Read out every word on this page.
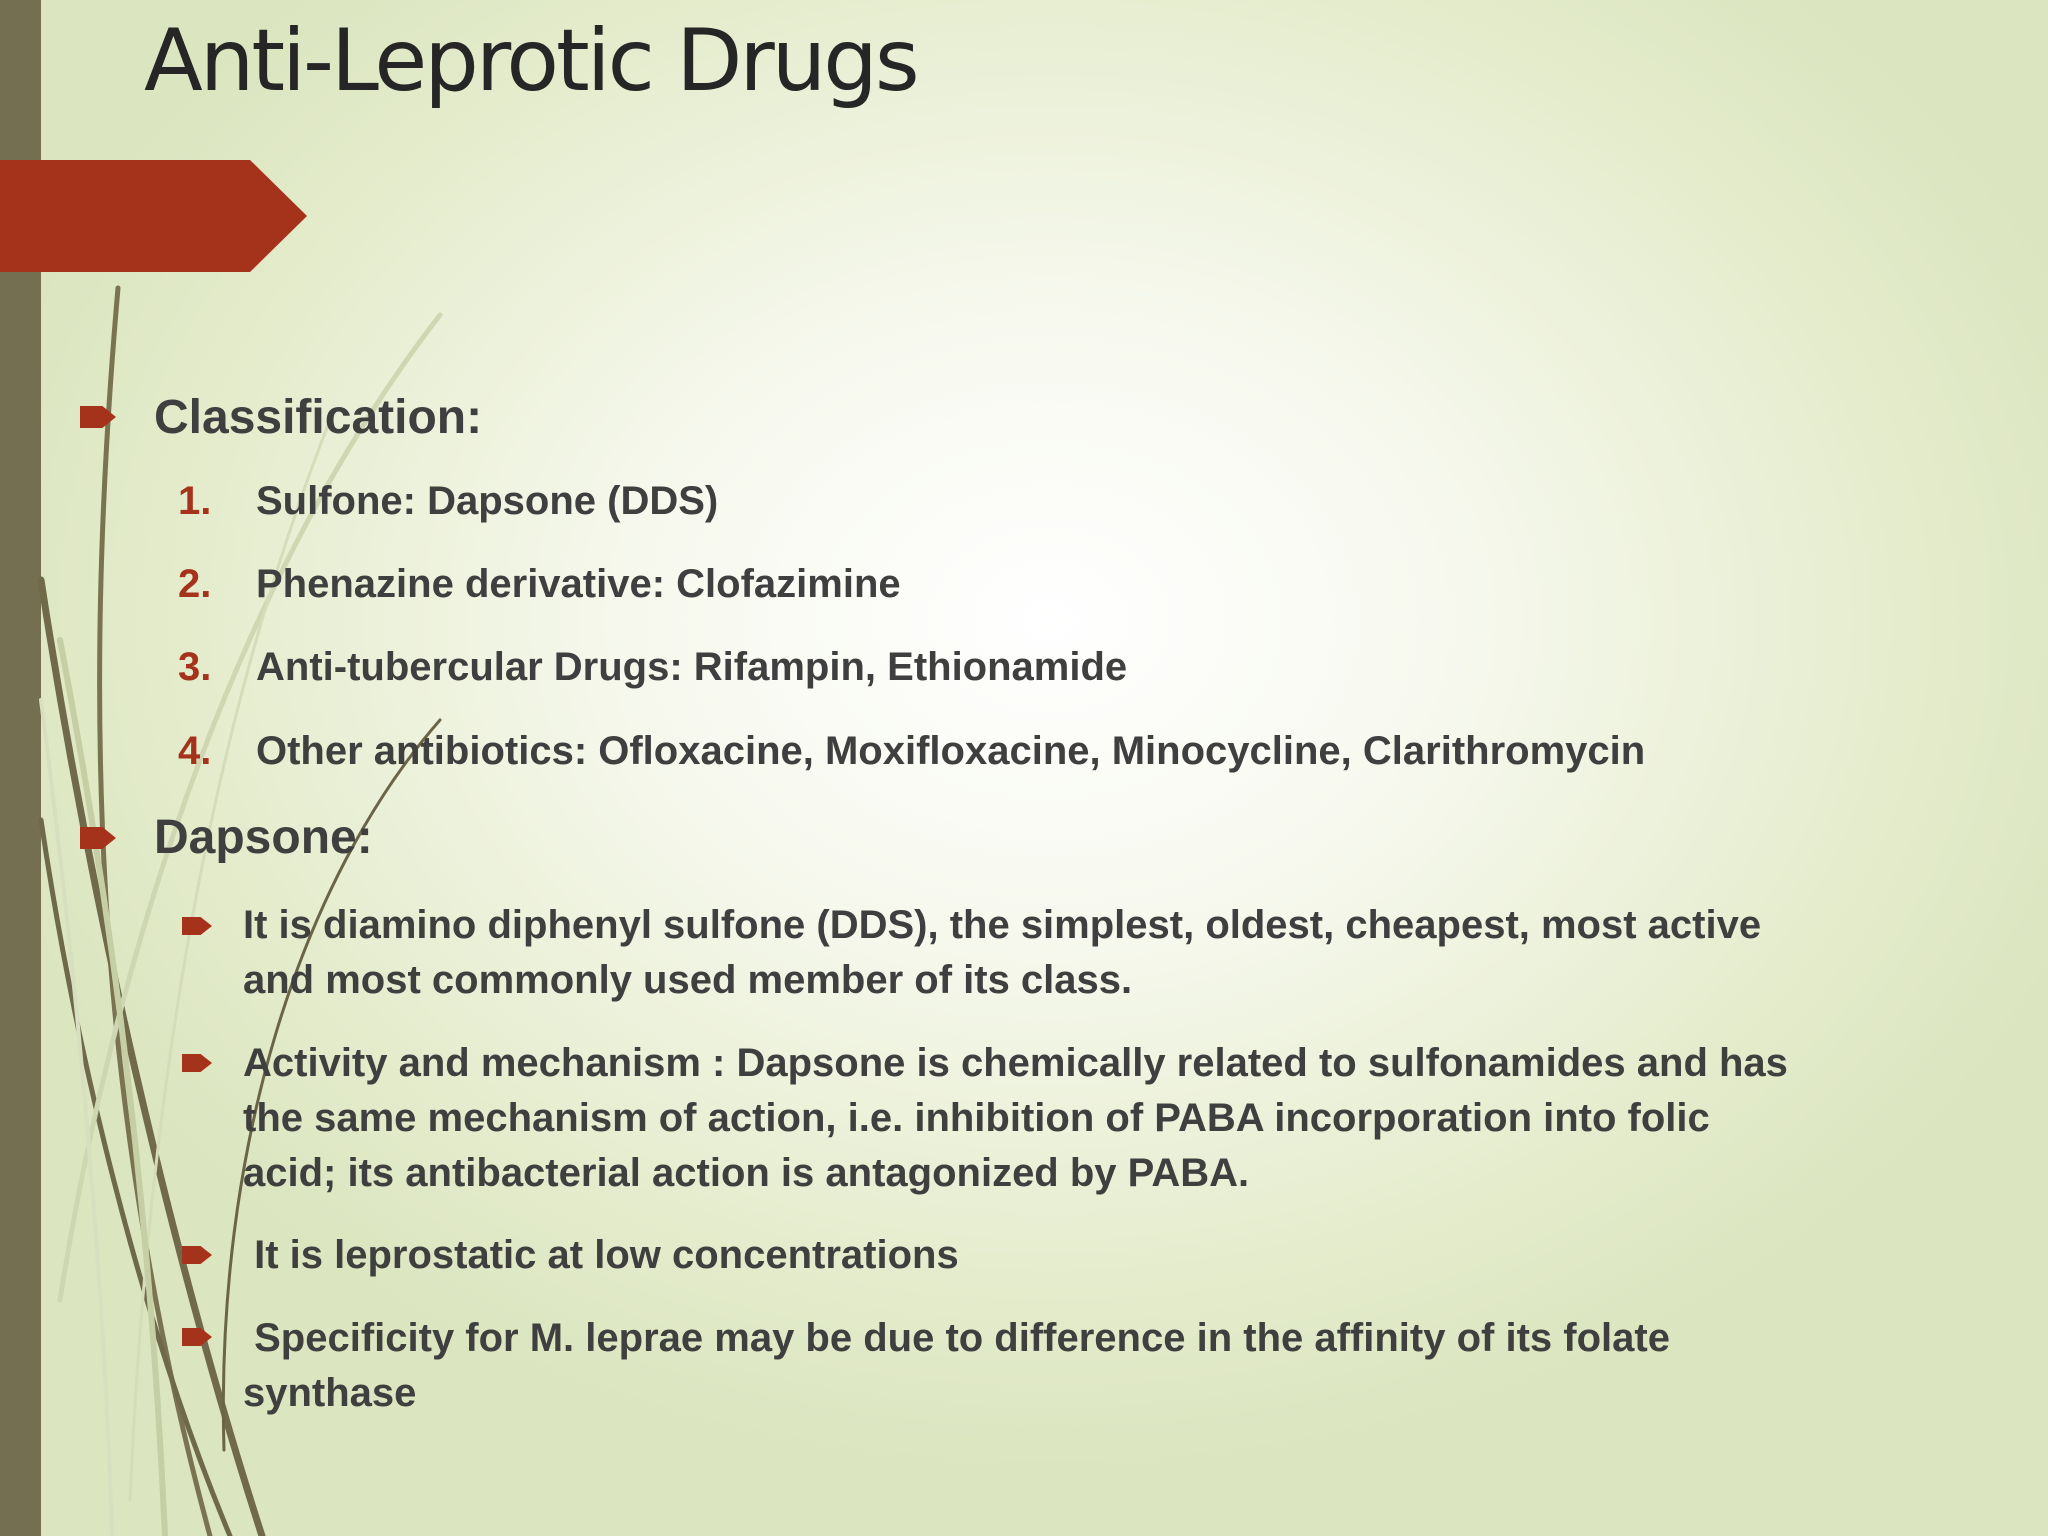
Anti-Leprotic Drugs
Classification:
1. Sulfone: Dapsone (DDS)
2. Phenazine derivative: Clofazimine
3. Anti-tubercular Drugs: Rifampin, Ethionamide
4. Other antibiotics: Ofloxacine, Moxifloxacine, Minocycline, Clarithromycin
Dapsone:
It is diamino diphenyl sulfone (DDS), the simplest, oldest, cheapest, most active
and most commonly used member of its class.
Activity and mechanism : Dapsone is chemically related to sulfonamides and has
the same mechanism of action, i.e. inhibition of PABA incorporation into folic
acid; its antibacterial action is antagonized by PABA.
It is leprostatic at low concentrations
Specificity for M. leprae may be due to difference in the affinity of its folate
synthase
